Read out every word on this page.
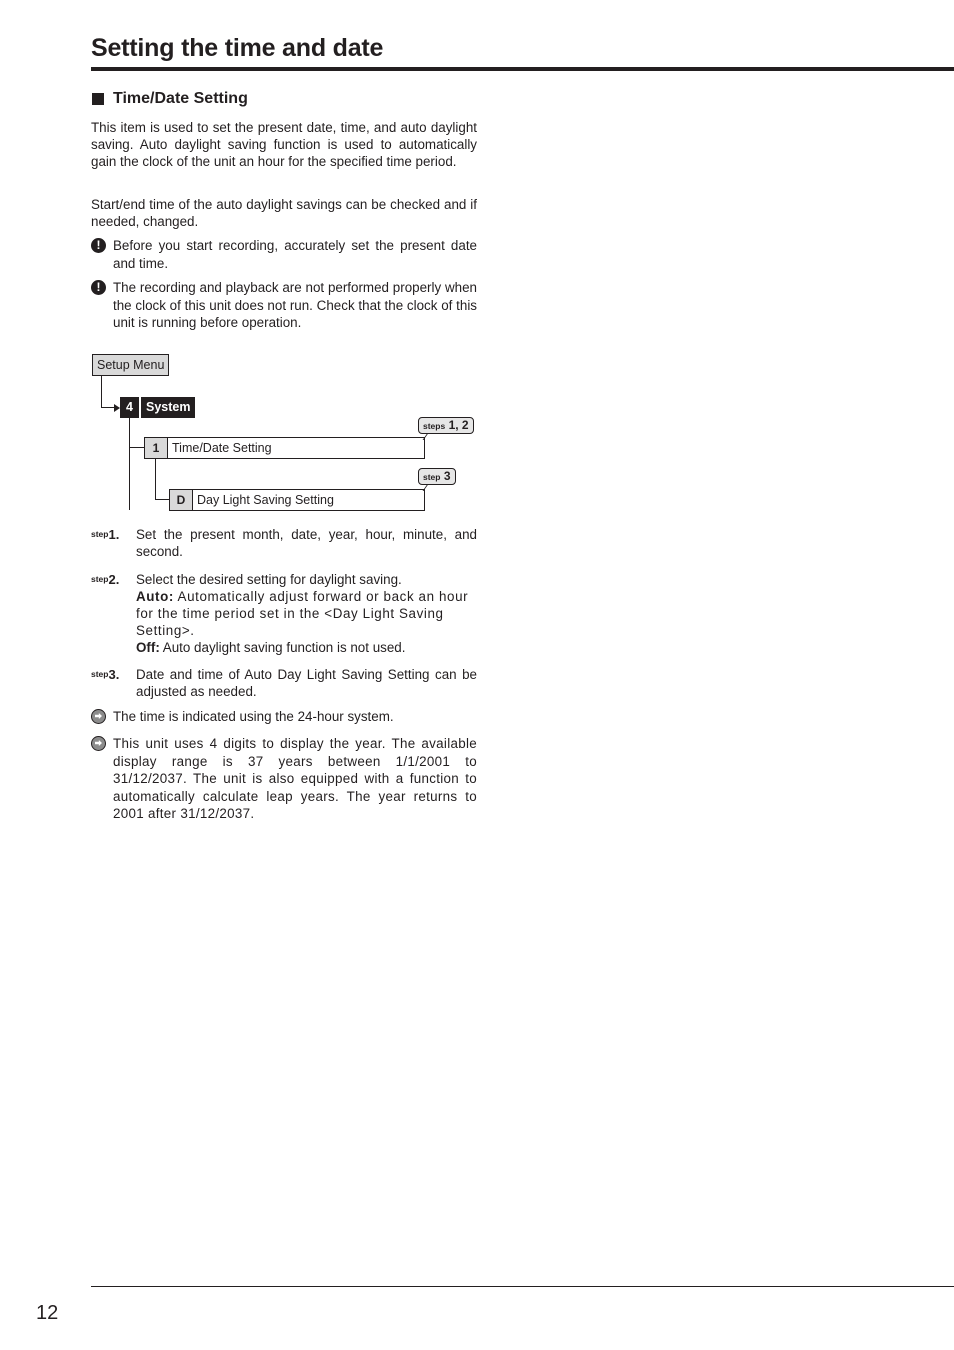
Setting the time and date
Time/Date Setting

This item is used to set the present date, time, and auto daylight saving. Auto daylight saving function is used to automatically gain the clock of the unit an hour for the specified time period.

Start/end time of the auto daylight savings can be checked and if needed, changed.

! Before you start recording, accurately set the present date and time.
! The recording and playback are not performed properly when the clock of this unit does not run. Check that the clock of this unit is running before operation.
Setup Menu
4	System
1	Time/Date Setting
D Day Light Saving Setting
steps 1, 2
step 3
step1.	Set the present month, date, year, hour, minute, and second.
step2.	Select the desired setting for daylight saving.
Auto: Automatically adjust forward or back an hour for the time period set in the <Day Light Saving Setting>.
Off: Auto daylight saving function is not used.
step3.	Date and time of Auto Day Light Saving Setting can be adjusted as needed.
The time is indicated using the 24-hour system.
This unit uses 4 digits to display the year. The available display range is 37 years between 1/1/2001 to 31/12/2037. The unit is also equipped with a function to automatically calculate leap years. The year returns to 2001 after 31/12/2037.
12
